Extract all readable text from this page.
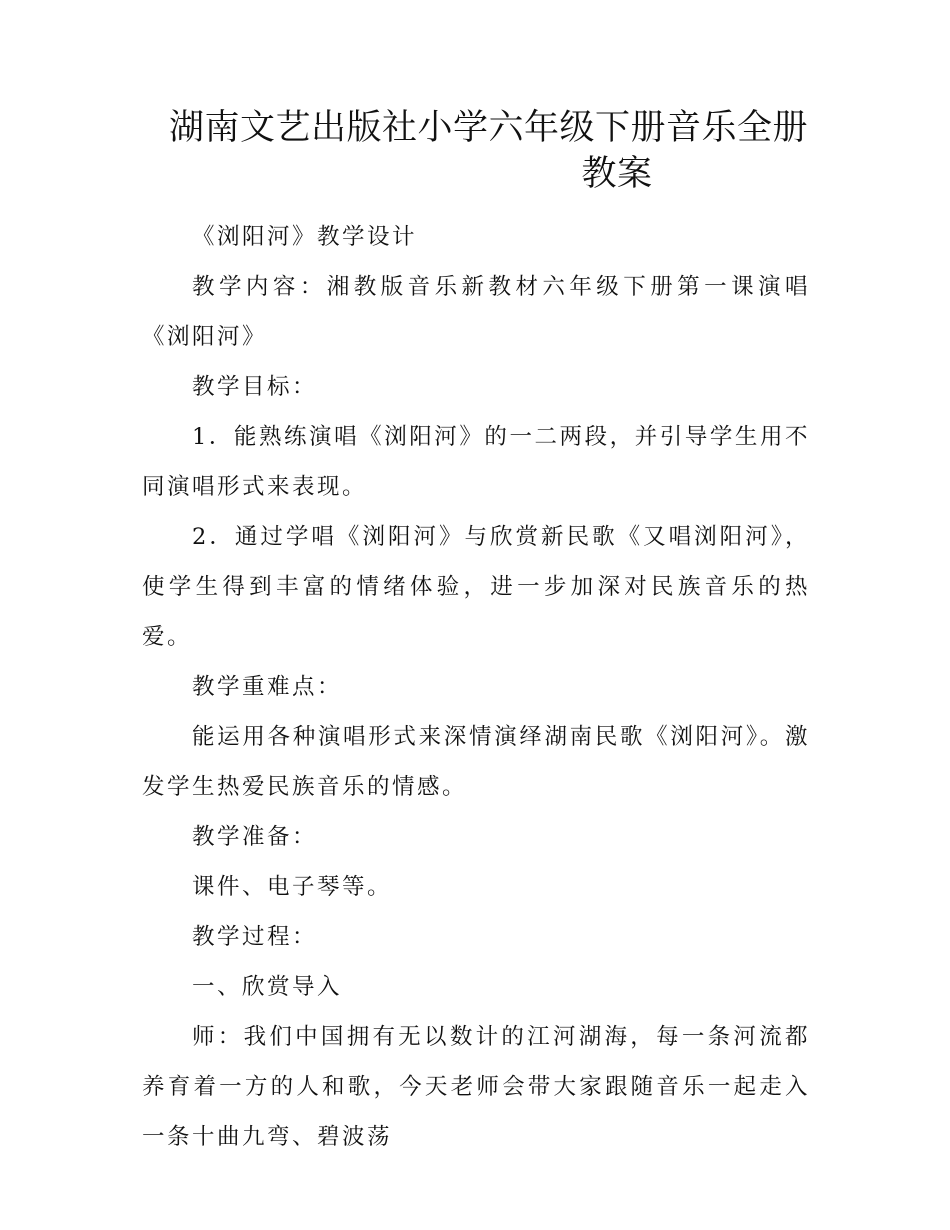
湖南文艺出版社小学六年级下册音乐全册
教案

《浏阳河》教学设计

教学内容：湘教版音乐新教材六年级下册第一课演唱《浏阳河》

教学目标：

1．能熟练演唱《浏阳河》的一二两段，并引导学生用不同演唱形式来表现。

2．通过学唱《浏阳河》与欣赏新民歌《又唱浏阳河》，使学生得到丰富的情绪体验，进一步加深对民族音乐的热爱。

教学重难点：

能运用各种演唱形式来深情演绎湖南民歌《浏阳河》。激发学生热爱民族音乐的情感。

教学准备：

课件、电子琴等。

教学过程：

一、欣赏导入

师：我们中国拥有无以数计的江河湖海，每一条河流都养育着一方的人和歌，今天老师会带大家跟随音乐一起走入一条十曲九弯、碧波荡
